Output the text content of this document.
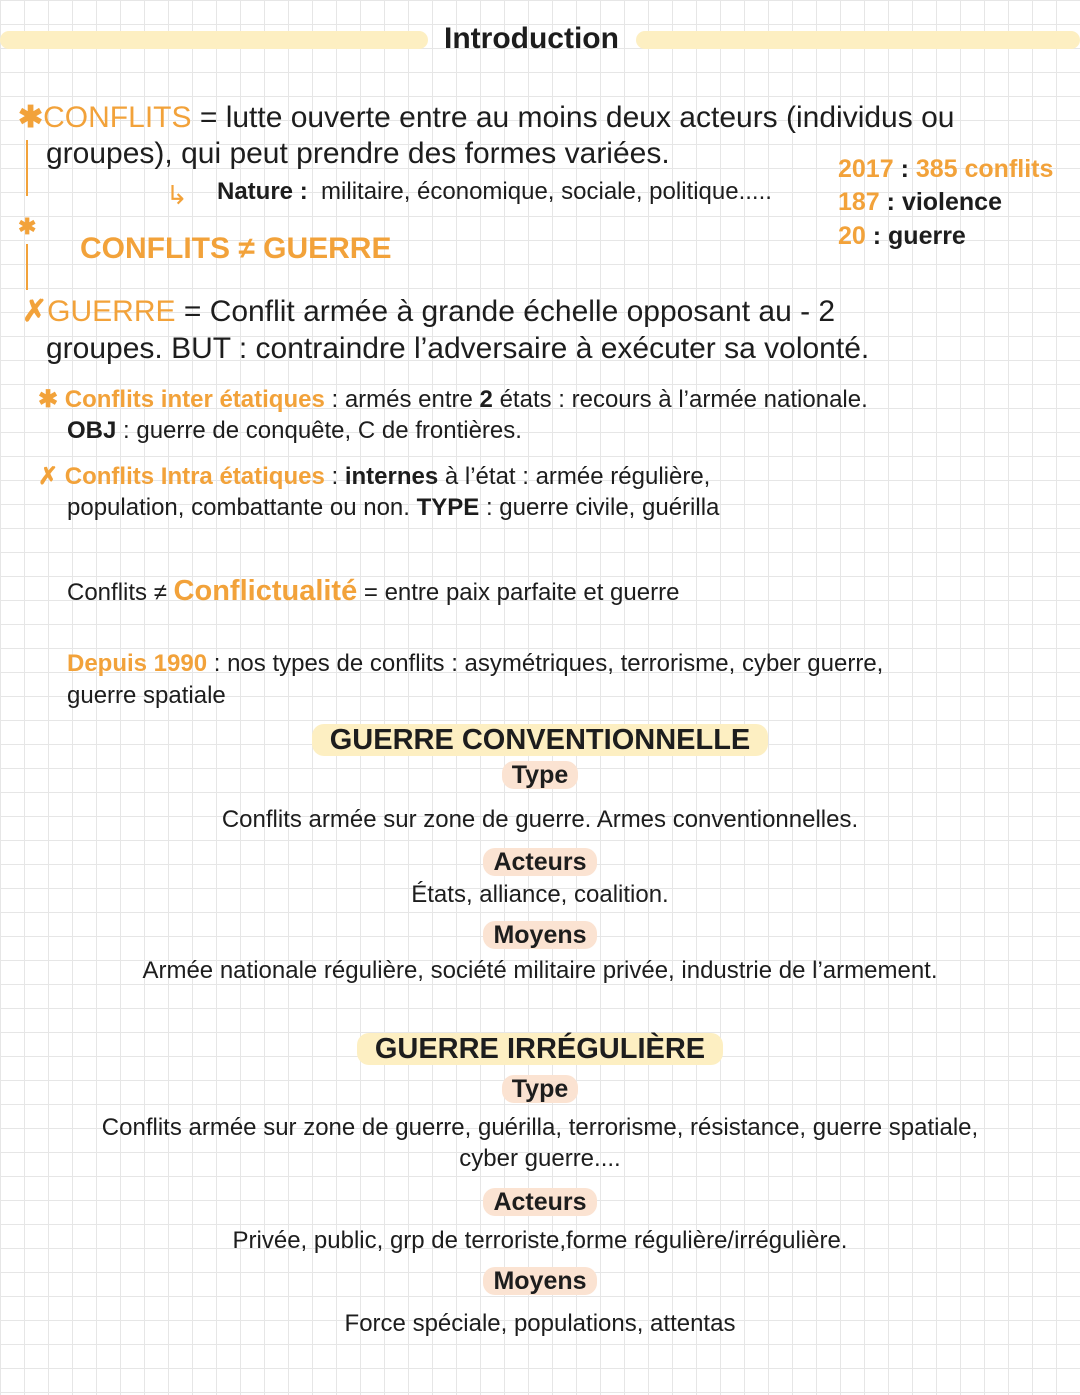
Introduction
✱
✱CONFLITS = lutte ouverte entre au moins deux acteurs (individus ou
groupes), qui peut prendre des formes variées.
↳ Nature : militaire, économique, sociale, politique.....
2017 : 385 conflits
187 : violence
20 : guerre
CONFLITS ≠ GUERRE
✗GUERRE = Conflit armée à grande échelle opposant au - 2
groupes. BUT : contraindre l’adversaire à exécuter sa volonté.
✱ Conflits inter étatiques : armés entre 2 états : recours à l’armée nationale.
OBJ : guerre de conquête, C de frontières.
✗ Conflits Intra étatiques : internes à l’état : armée régulière,
population, combattante ou non. TYPE : guerre civile, guérilla
Conflits ≠ Conflictualité = entre paix parfaite et guerre
Depuis 1990 : nos types de conflits : asymétriques, terrorisme, cyber guerre,
guerre spatiale
GUERRE CONVENTIONNELLE
Type
Conflits armée sur zone de guerre. Armes conventionnelles.
Acteurs
États, alliance, coalition.
Moyens
Armée nationale régulière, société militaire privée, industrie de l’armement.
GUERRE IRRÉGULIÈRE
Type
Conflits armée sur zone de guerre, guérilla, terrorisme, résistance, guerre spatiale,
cyber guerre....
Acteurs
Privée, public, grp de terroriste,forme régulière/irrégulière.
Moyens
Force spéciale, populations, attentas
